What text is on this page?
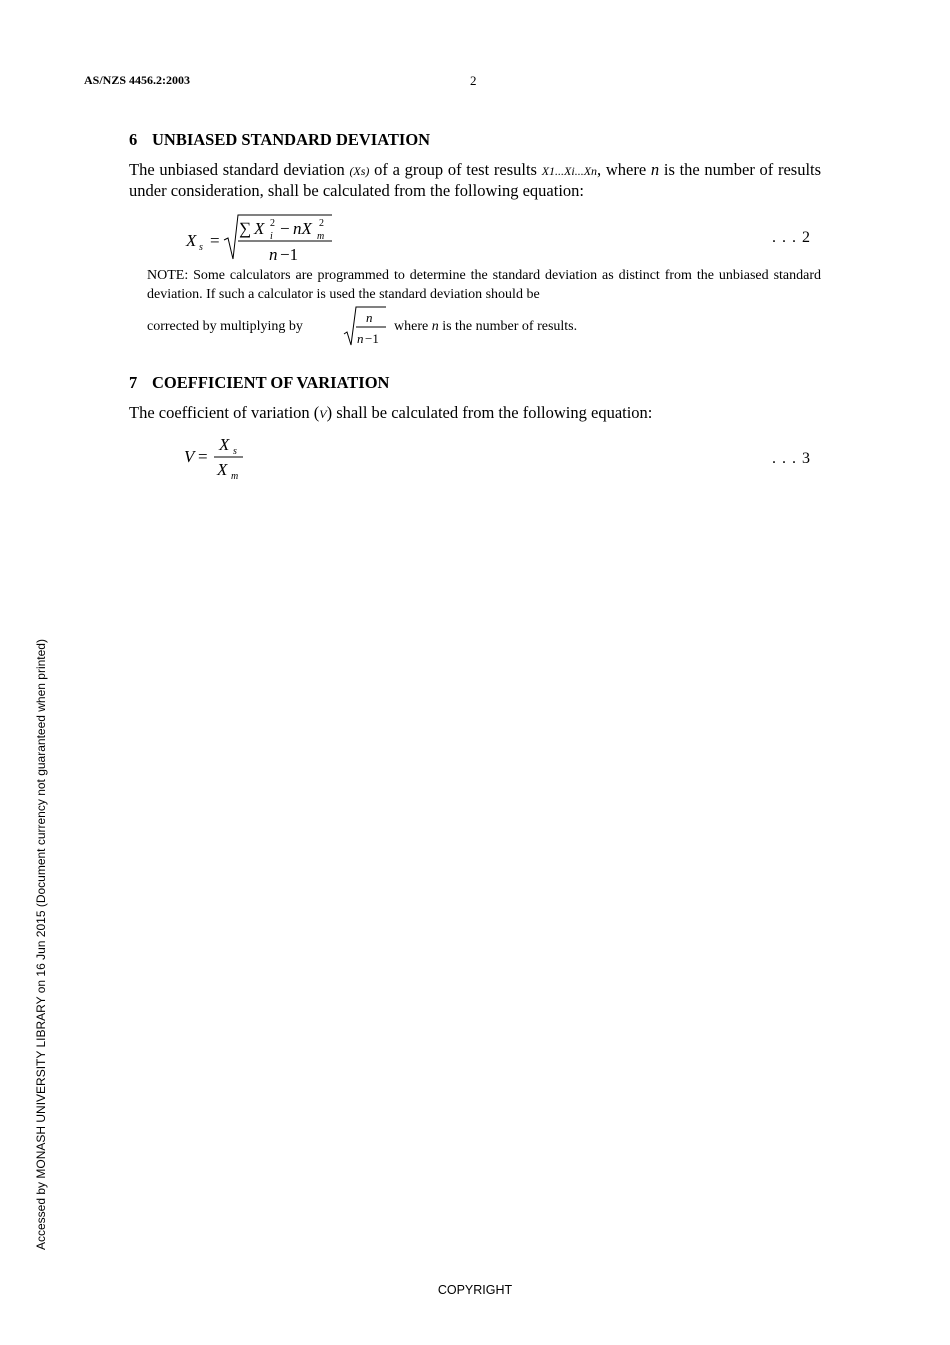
AS/NZS 4456.2:2003	2
6 UNBIASED STANDARD DEVIATION
The unbiased standard deviation (Xs) of a group of test results X1...Xi...Xn, where n is the number of results under consideration, shall be calculated from the following equation:
X s =
∑ X 2
i − nX 2
m
n −1
. . . 2
NOTE: Some calculators are programmed to determine the standard deviation as distinct from the unbiased standard deviation. If such a calculator is used the standard deviation should be
corrected by multiplying by
n
n −1
where n is the number of results.
7 COEFFICIENT OF VARIATION
The coefficient of variation (V) shall be calculated from the following equation:
V =
X s
X m
. . . 3
Accessed by MONASH UNIVERSITY LIBRARY on 16 Jun 2015 (Document currency not guaranteed when printed)
COPYRIGHT
